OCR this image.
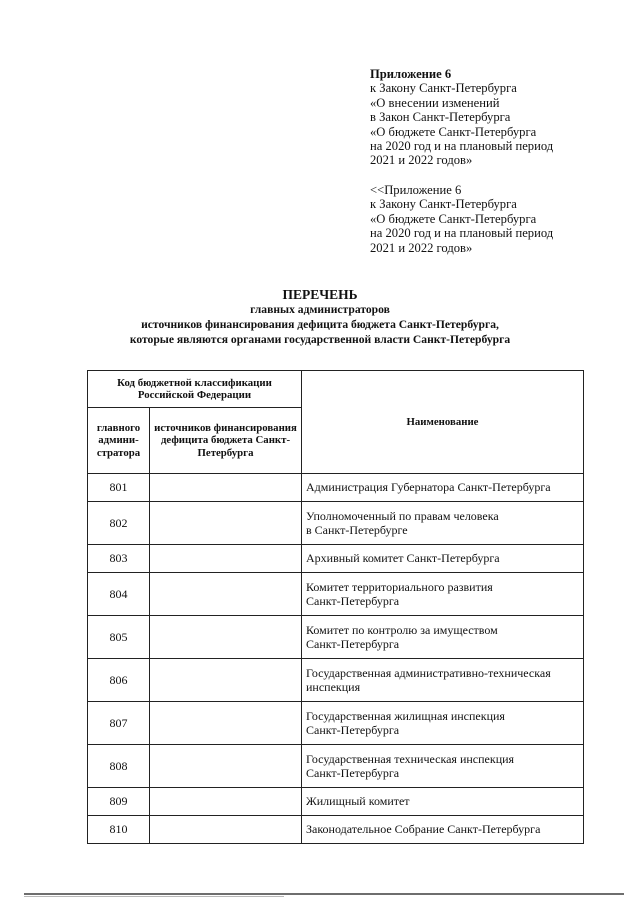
Приложение 6
к Закону Санкт-Петербурга
«О внесении изменений
в Закон Санкт-Петербурга
«О бюджете Санкт-Петербурга
на 2020 год и на плановый период
2021 и 2022 годов»
<<Приложение 6
к Закону Санкт-Петербурга
«О бюджете Санкт-Петербурга
на 2020 год и на плановый период
2021 и 2022 годов»
ПЕРЕЧЕНЬ
главных администраторов
источников финансирования дефицита бюджета Санкт-Петербурга,
которые являются органами государственной власти Санкт-Петербурга
Код бюджетной классификации Российской Федерации		Наименование
главного админи-стратора	источников финансирования дефицита бюджета Санкт-Петербурга	
801		Администрация Губернатора Санкт-Петербурга

802		Уполномоченный по правам человека
в Санкт-Петербурге

803		Архивный комитет Санкт-Петербурга

804		Комитет территориального развития
Санкт-Петербурга

805		Комитет по контролю за имуществом
Санкт-Петербурга

806		Государственная административно-техническая
инспекция

807		Государственная жилищная инспекция
Санкт-Петербурга

808		Государственная техническая инспекция
Санкт-Петербурга

809		Жилищный комитет

810		Законодательное Собрание Санкт-Петербурга
